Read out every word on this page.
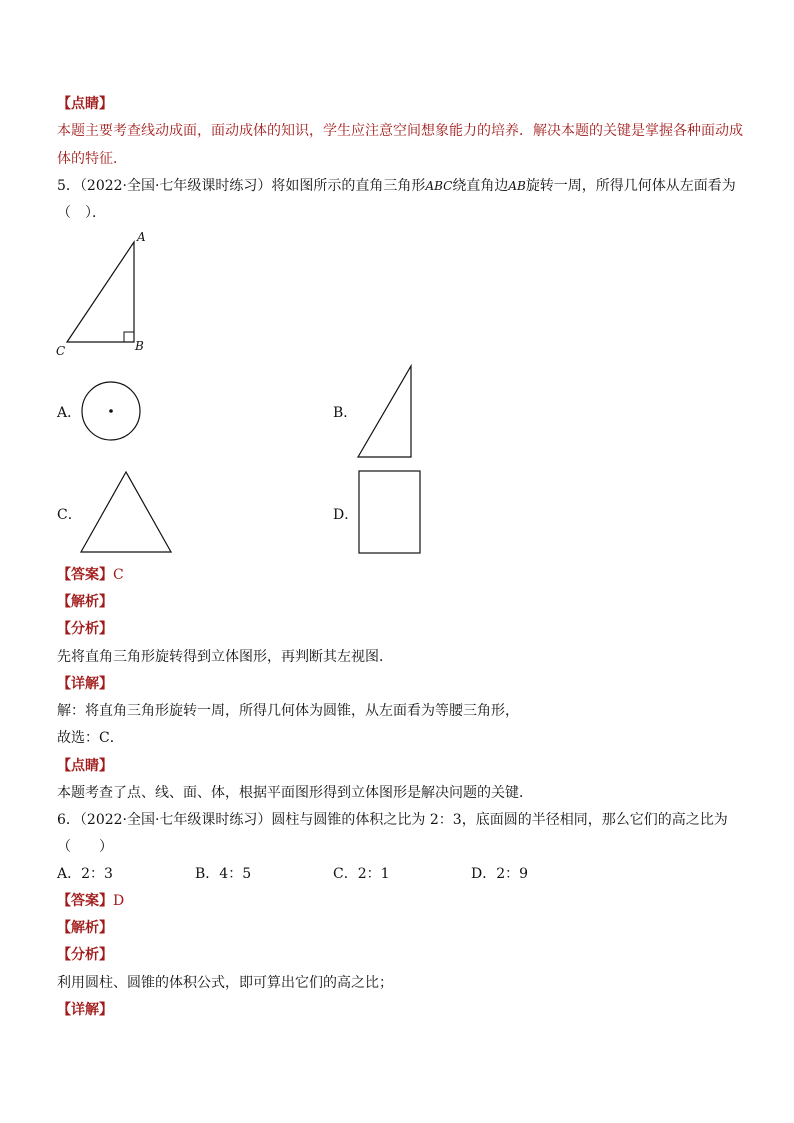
【点睛】
本题主要考查线动成面，面动成体的知识，学生应注意空间想象能力的培养．解决本题的关键是掌握各种面动成
体的特征．
5．（2022·全国·七年级课时练习）将如图所示的直角三角形ABC绕直角边AB旋转一周，所得几何体从左面看为
（　）．
A
B
C
A．	B．
C．	D．
【答案】C
【解析】
【分析】
先将直角三角形旋转得到立体图形，再判断其左视图．
【详解】
解：将直角三角形旋转一周，所得几何体为圆锥，从左面看为等腰三角形，
故选：C．
【点睛】
本题考查了点、线、面、体，根据平面图形得到立体图形是解决问题的关键．
6．（2022·全国·七年级课时练习）圆柱与圆锥的体积之比为 2：3，底面圆的半径相同，那么它们的高之比为
（　　）
A．2：3	B．4：5	C．2：1	D．2：9
【答案】D
【解析】
【分析】
利用圆柱、圆锥的体积公式，即可算出它们的高之比；
【详解】
